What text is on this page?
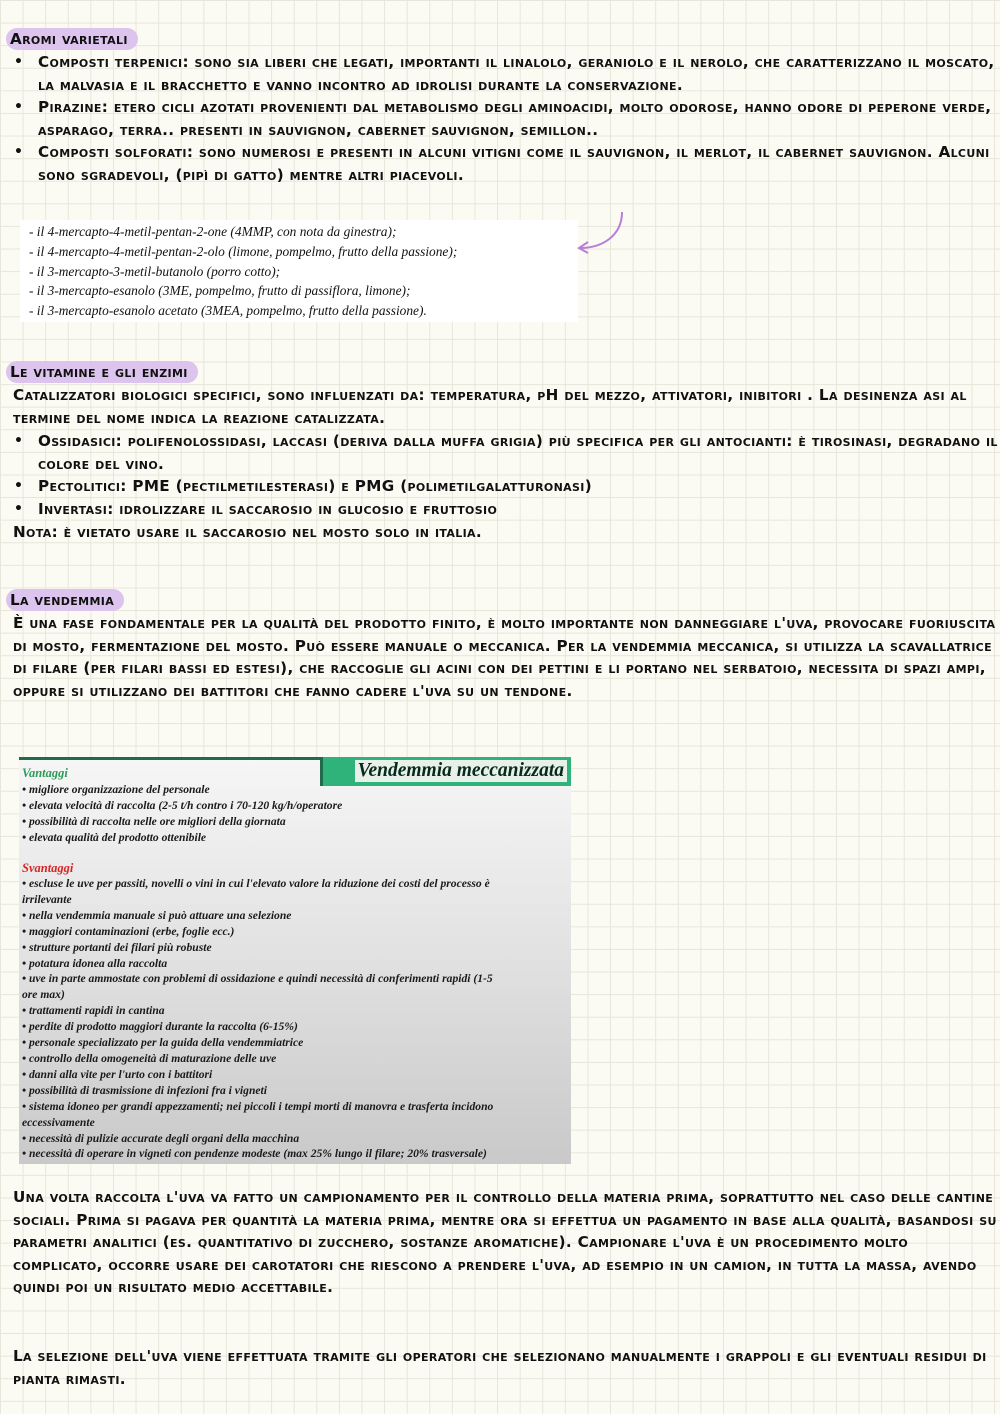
Aromi varietali
• Composti terpenici: sono sia liberi che legati, importanti il linalolo, geraniolo e il nerolo, che caratterizzano il moscato, la malvasia e il bracchetto e vanno incontro ad idrolisi durante la conservazione.
• Pirazine: etero cicli azotati provenienti dal metabolismo degli aminoacidi, molto odorose, hanno odore di peperone verde, asparago, terra.. presenti in sauvignon, cabernet sauvignon, semillon..
• Composti solforati: sono numerosi e presenti in alcuni vitigni come il sauvignon, il merlot, il cabernet sauvignon. Alcuni sono sgradevoli, (pipì di gatto) mentre altri piacevoli.
- il 4-mercapto-4-metil-pentan-2-one (4MMP, con nota da ginestra);
- il 4-mercapto-4-metil-pentan-2-olo (limone, pompelmo, frutto della passione);
- il 3-mercapto-3-metil-butanolo (porro cotto);
- il 3-mercapto-esanolo (3ME, pompelmo, frutto di passiflora, limone);
- il 3-mercapto-esanolo acetato (3MEA, pompelmo, frutto della passione).
Le vitamine e gli enzimi

Catalizzatori biologici specifici, sono influenzati da: temperatura, pH del mezzo, attivatori, inibitori . La desinenza asi al termine del nome indica la reazione catalizzata.

• Ossidasici: polifenolossidasi, laccasi (deriva dalla muffa grigia) più specifica per gli antocianti: è tirosinasi, degradano il colore del vino.
• Pectolitici: PME (pectilmetilesterasi) e PMG (polimetilgalatturonasi)
• Invertasi: idrolizzare il saccarosio in glucosio e fruttosio

Nota: è vietato usare il saccarosio nel mosto solo in italia.

La vendemmia

È una fase fondamentale per la qualità del prodotto finito, è molto importante non danneggiare l'uva, provocare fuoriuscita di mosto, fermentazione del mosto. Può essere manuale o meccanica. Per la vendemmia meccanica, si utilizza la scavallatrice di filare (per filari bassi ed estesi), che raccoglie gli acini con dei pettini e li portano nel serbatoio, necessita di spazi ampi, oppure si utilizzano dei battitori che fanno cadere l'uva su un tendone.

Vendemmia meccanizzata
Vantaggi
• migliore organizzazione del personale
• elevata velocità di raccolta (2-5 t/h contro i 70-120 kg/h/operatore
• possibilità di raccolta nelle ore migliori della giornata
• elevata qualità del prodotto ottenibile
Svantaggi
• escluse le uve per passiti, novelli o vini in cui l'elevato valore la riduzione dei costi del processo è
irrilevante
• nella vendemmia manuale si può attuare una selezione
• maggiori contaminazioni (erbe, foglie ecc.)
• strutture portanti dei filari più robuste
• potatura idonea alla raccolta
• uve in parte ammostate con problemi di ossidazione e quindi necessità di conferimenti rapidi (1-5
ore max)
• trattamenti rapidi in cantina
• perdite di prodotto maggiori durante la raccolta (6-15%)
• personale specializzato per la guida della vendemmiatrice
• controllo della omogeneità di maturazione delle uve
• danni alla vite per l'urto con i battitori
• possibilità di trasmissione di infezioni fra i vigneti
• sistema idoneo per grandi appezzamenti; nei piccoli i tempi morti di manovra e trasferta incidono
eccessivamente
• necessità di pulizie accurate degli organi della macchina
• necessità di operare in vigneti con pendenze modeste (max 25% lungo il filare; 20% trasversale)

Una volta raccolta l'uva va fatto un campionamento per il controllo della materia prima, soprattutto nel caso delle cantine sociali. Prima si pagava per quantità la materia prima, mentre ora si effettua un pagamento in base alla qualità, basandosi su parametri analitici (es. quantitativo di zucchero, sostanze aromatiche). Campionare l'uva è un procedimento molto complicato, occorre usare dei carotatori che riescono a prendere l'uva, ad esempio in un camion, in tutta la massa, avendo quindi poi un risultato medio accettabile.

La selezione dell'uva viene effettuata tramite gli operatori che selezionano manualmente i grappoli e gli eventuali residui di pianta rimasti.
